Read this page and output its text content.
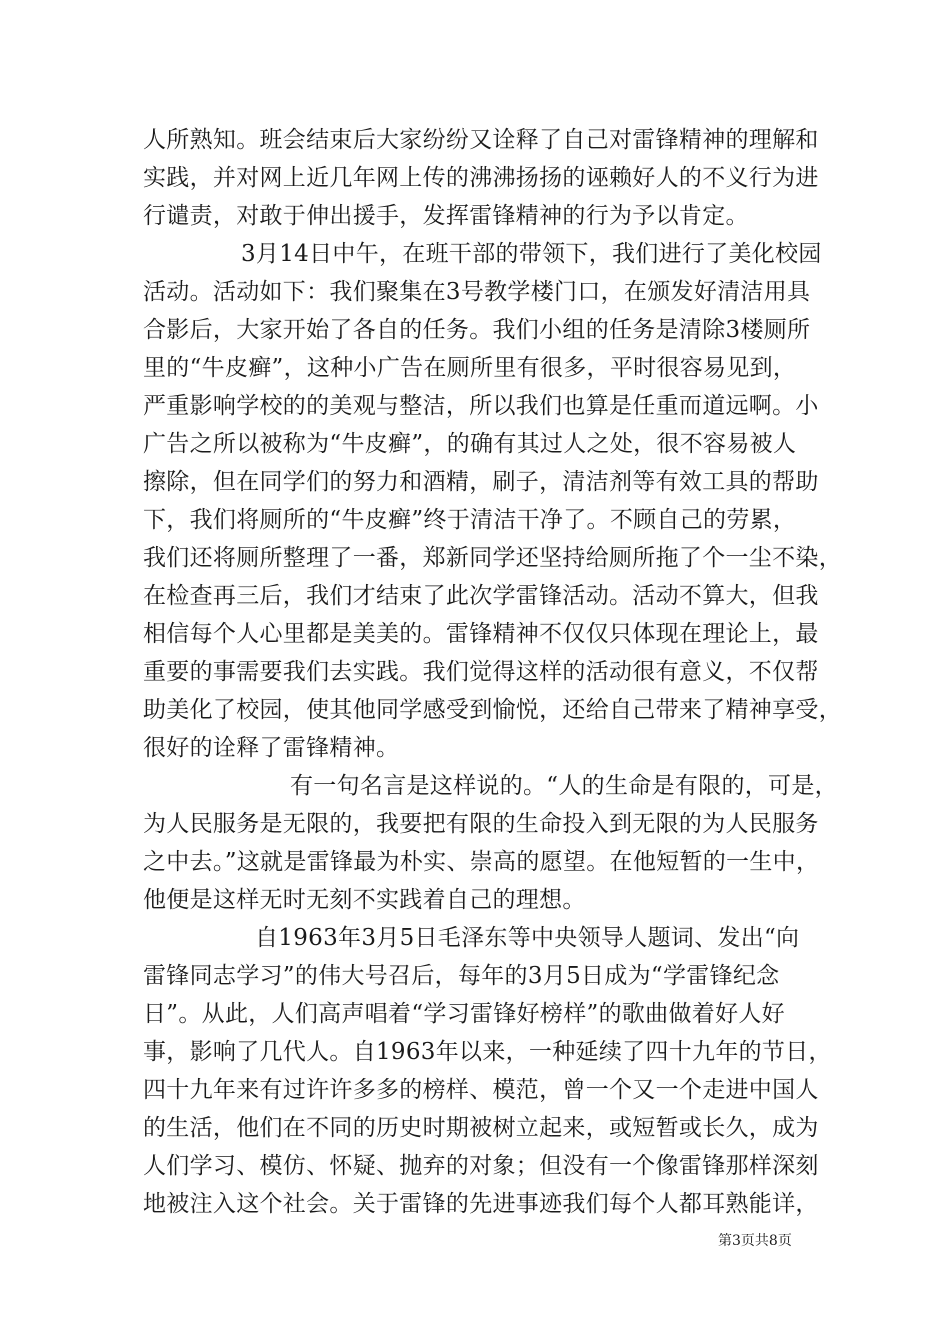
人所熟知。班会结束后大家纷纷又诠释了自己对雷锋精神的理解和
实践，并对网上近几年网上传的沸沸扬扬的诬赖好人的不义行为进
行谴责，对敢于伸出援手，发挥雷锋精神的行为予以肯定。
3月14日中午，在班干部的带领下，我们进行了美化校园
活动。活动如下：我们聚集在3号教学楼门口，在颁发好清洁用具
合影后，大家开始了各自的任务。我们小组的任务是清除3楼厕所
里的“牛皮癣”，这种小广告在厕所里有很多，平时很容易见到，
严重影响学校的的美观与整洁，所以我们也算是任重而道远啊。小
广告之所以被称为“牛皮癣”，的确有其过人之处，很不容易被人
擦除，但在同学们的努力和酒精，刷子，清洁剂等有效工具的帮助
下，我们将厕所的“牛皮癣”终于清洁干净了。不顾自己的劳累，
我们还将厕所整理了一番，郑新同学还坚持给厕所拖了个一尘不染，
在检查再三后，我们才结束了此次学雷锋活动。活动不算大，但我
相信每个人心里都是美美的。雷锋精神不仅仅只体现在理论上，最
重要的事需要我们去实践。我们觉得这样的活动很有意义，不仅帮
助美化了校园，使其他同学感受到愉悦，还给自己带来了精神享受，
很好的诠释了雷锋精神。
有一句名言是这样说的。“人的生命是有限的，可是，
为人民服务是无限的，我要把有限的生命投入到无限的为人民服务
之中去。”这就是雷锋最为朴实、崇高的愿望。在他短暂的一生中，
他便是这样无时无刻不实践着自己的理想。
自1963年3月5日毛泽东等中央领导人题词、发出“向
雷锋同志学习”的伟大号召后，每年的3月5日成为“学雷锋纪念
日”。从此，人们高声唱着“学习雷锋好榜样”的歌曲做着好人好
事，影响了几代人。自1963年以来，一种延续了四十九年的节日，
四十九年来有过许许多多的榜样、模范，曾一个又一个走进中国人
的生活，他们在不同的历史时期被树立起来，或短暂或长久，成为
人们学习、模仿、怀疑、抛弃的对象；但没有一个像雷锋那样深刻
地被注入这个社会。关于雷锋的先进事迹我们每个人都耳熟能详，
第3页共8页
